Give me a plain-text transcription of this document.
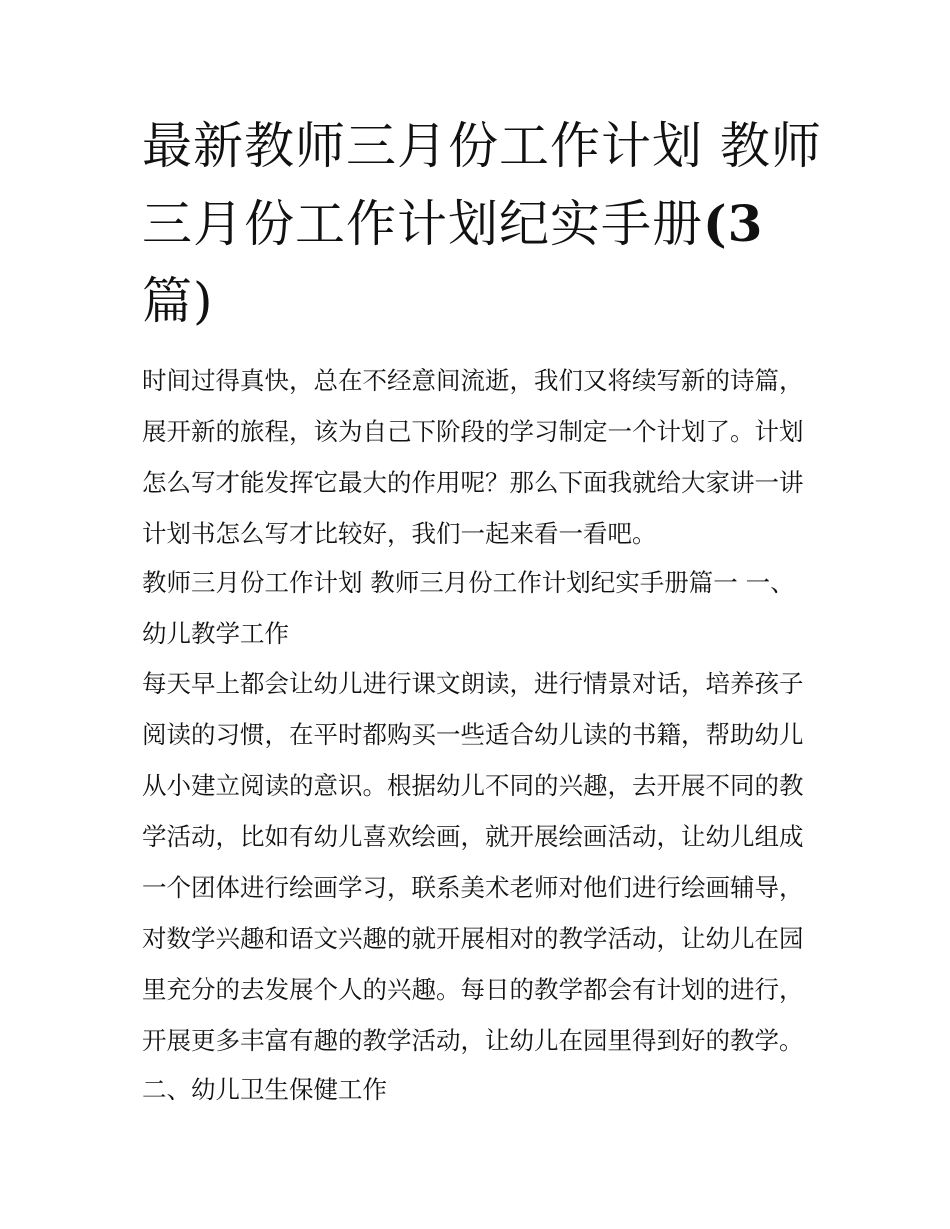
最新教师三月份工作计划 教师
三月份工作计划纪实手册(3
篇)
时间过得真快，总在不经意间流逝，我们又将续写新的诗篇，
展开新的旅程，该为自己下阶段的学习制定一个计划了。计划
怎么写才能发挥它最大的作用呢？那么下面我就给大家讲一讲
计划书怎么写才比较好，我们一起来看一看吧。
教师三月份工作计划 教师三月份工作计划纪实手册篇一 一、
幼儿教学工作
每天早上都会让幼儿进行课文朗读，进行情景对话，培养孩子
阅读的习惯，在平时都购买一些适合幼儿读的书籍，帮助幼儿
从小建立阅读的意识。根据幼儿不同的兴趣，去开展不同的教
学活动，比如有幼儿喜欢绘画，就开展绘画活动，让幼儿组成
一个团体进行绘画学习，联系美术老师对他们进行绘画辅导，
对数学兴趣和语文兴趣的就开展相对的教学活动，让幼儿在园
里充分的去发展个人的兴趣。每日的教学都会有计划的进行，
开展更多丰富有趣的教学活动，让幼儿在园里得到好的教学。
二、幼儿卫生保健工作
